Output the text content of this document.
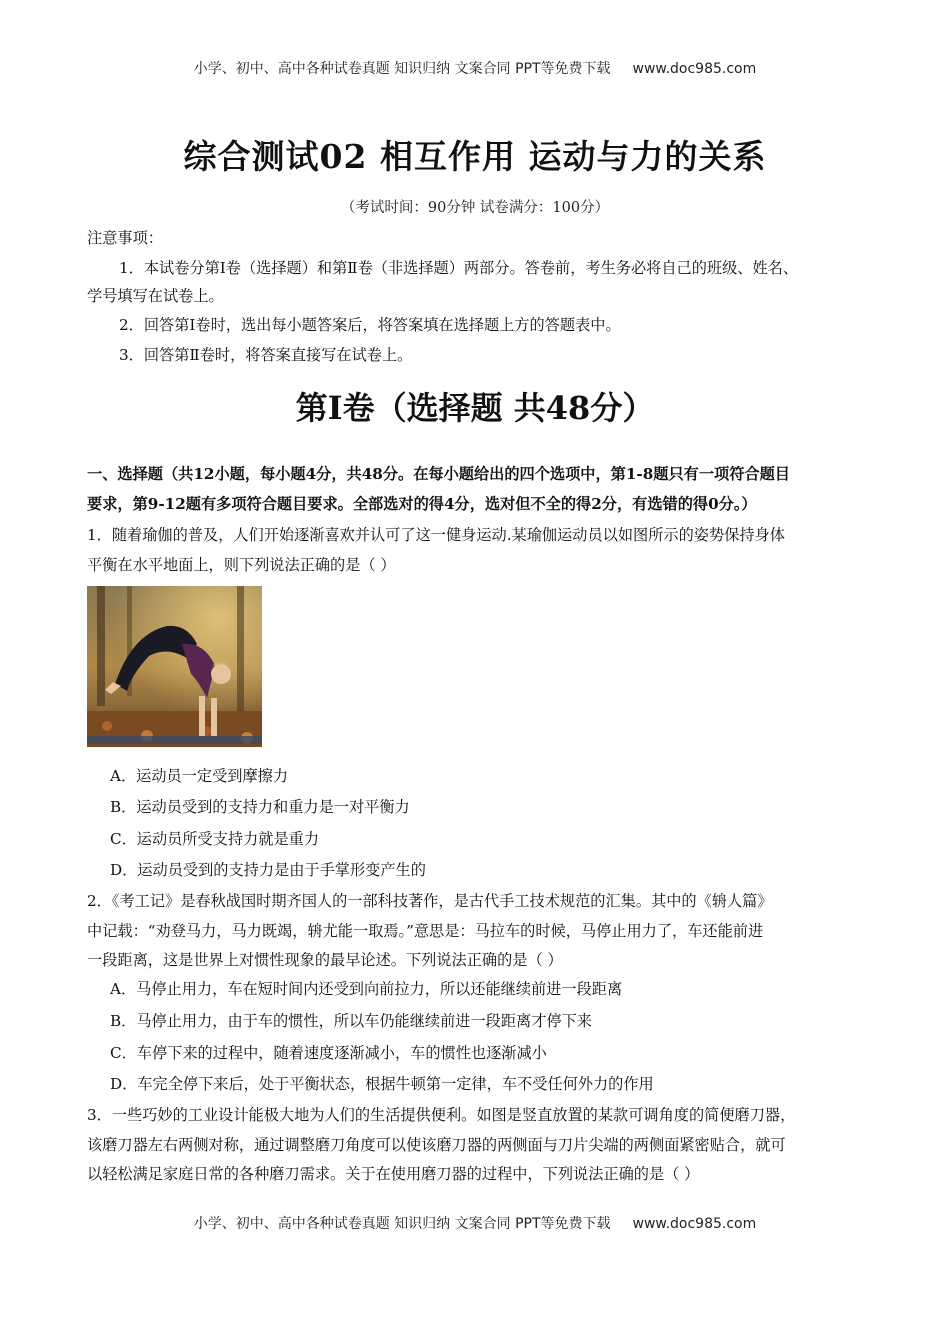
小学、初中、高中各种试卷真题 知识归纳 文案合同 PPT等免费下载 www.doc985.com
综合测试02 相互作用 运动与力的关系
（考试时间：90分钟 试卷满分：100分）
注意事项：
1．本试卷分第Ⅰ卷（选择题）和第Ⅱ卷（非选择题）两部分。答卷前，考生务必将自己的班级、姓名、
学号填写在试卷上。
2．回答第Ⅰ卷时，选出每小题答案后，将答案填在选择题上方的答题表中。
3．回答第Ⅱ卷时，将答案直接写在试卷上。
第Ⅰ卷（选择题 共48分）
一、选择题（共12小题，每小题4分，共48分。在每小题给出的四个选项中，第1-8题只有一项符合题目
要求，第9-12题有多项符合题目要求。全部选对的得4分，选对但不全的得2分，有选错的得0分。）
1．随着瑜伽的普及，人们开始逐渐喜欢并认可了这一健身运动.某瑜伽运动员以如图所示的姿势保持身体
平衡在水平地面上，则下列说法正确的是（ ）
A．运动员一定受到摩擦力
B．运动员受到的支持力和重力是一对平衡力
C．运动员所受支持力就是重力
D．运动员受到的支持力是由于手掌形变产生的
2．《考工记》是春秋战国时期齐国人的一部科技著作，是古代手工技术规范的汇集。其中的《辀人篇》
中记载：“劝登马力，马力既竭，辀尤能一取焉。”意思是：马拉车的时候，马停止用力了，车还能前进
一段距离，这是世界上对惯性现象的最早论述。下列说法正确的是（ ）
A．马停止用力，车在短时间内还受到向前拉力，所以还能继续前进一段距离
B．马停止用力，由于车的惯性，所以车仍能继续前进一段距离才停下来
C．车停下来的过程中，随着速度逐渐减小，车的惯性也逐渐减小
D．车完全停下来后，处于平衡状态，根据牛顿第一定律，车不受任何外力的作用
3．一些巧妙的工业设计能极大地为人们的生活提供便利。如图是竖直放置的某款可调角度的简便磨刀器，
该磨刀器左右两侧对称，通过调整磨刀角度可以使该磨刀器的两侧面与刀片尖端的两侧面紧密贴合，就可
以轻松满足家庭日常的各种磨刀需求。关于在使用磨刀器的过程中，下列说法正确的是（ ）
小学、初中、高中各种试卷真题 知识归纳 文案合同 PPT等免费下载 www.doc985.com
